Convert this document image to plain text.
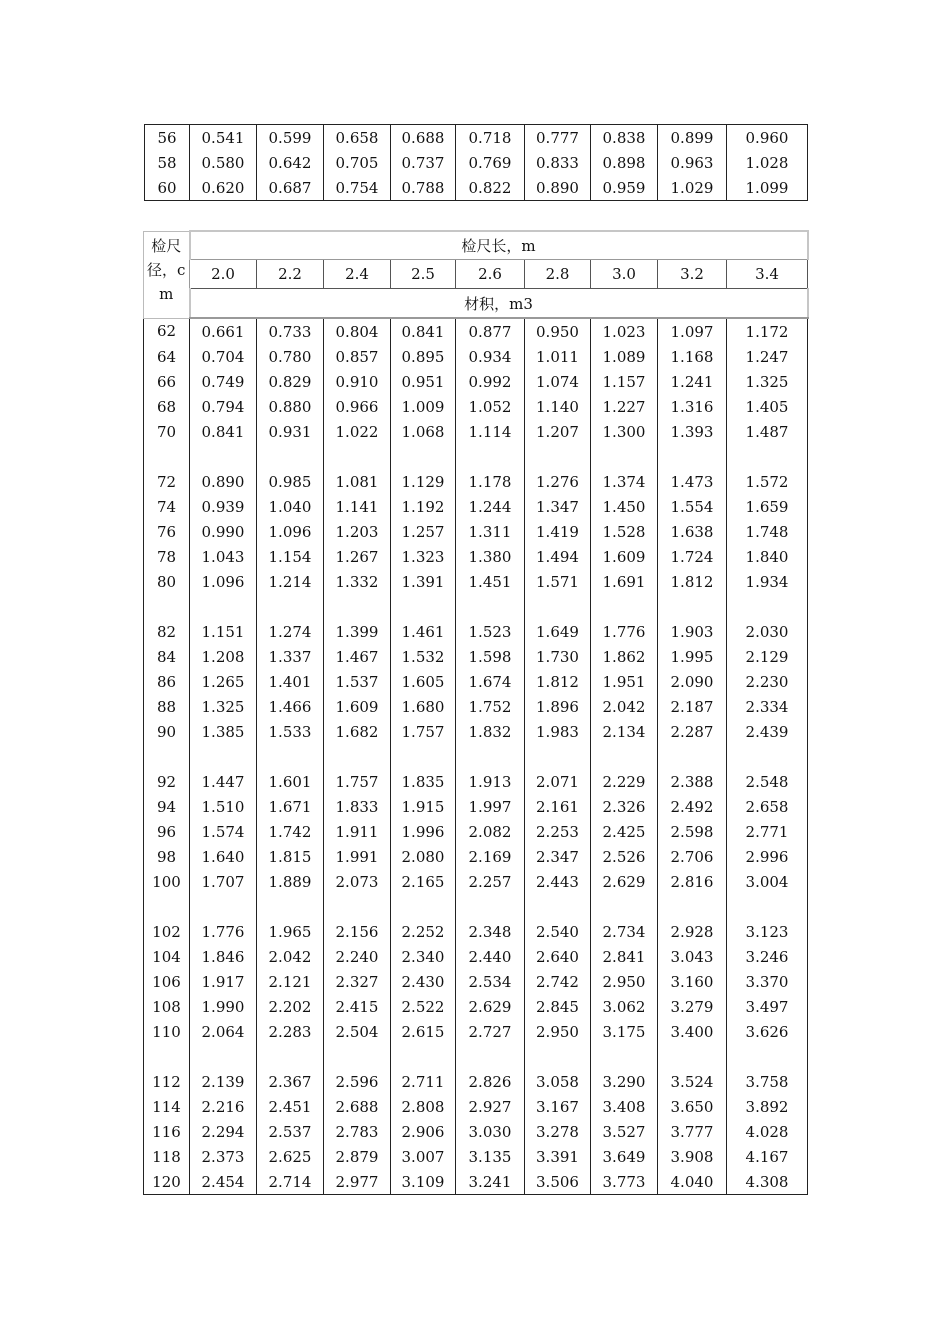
56	0.541	0.599	0.658	0.688	0.718	0.777	0.838	0.899	0.960
58	0.580	0.642	0.705	0.737	0.769	0.833	0.898	0.963	1.028
60	0.620	0.687	0.754	0.788	0.822	0.890	0.959	1.029	1.099
检尺
径，c
m	检尺长，m								
	2.0	2.2	2.4	2.5	2.6	2.8	3.0	3.2	3.4
	材积，m3								
62	0.661	0.733	0.804	0.841	0.877	0.950	1.023	1.097	1.172
64	0.704	0.780	0.857	0.895	0.934	1.011	1.089	1.168	1.247
66	0.749	0.829	0.910	0.951	0.992	1.074	1.157	1.241	1.325
68	0.794	0.880	0.966	1.009	1.052	1.140	1.227	1.316	1.405
70	0.841	0.931	1.022	1.068	1.114	1.207	1.300	1.393	1.487

72	0.890	0.985	1.081	1.129	1.178	1.276	1.374	1.473	1.572
74	0.939	1.040	1.141	1.192	1.244	1.347	1.450	1.554	1.659
76	0.990	1.096	1.203	1.257	1.311	1.419	1.528	1.638	1.748
78	1.043	1.154	1.267	1.323	1.380	1.494	1.609	1.724	1.840
80	1.096	1.214	1.332	1.391	1.451	1.571	1.691	1.812	1.934

82	1.151	1.274	1.399	1.461	1.523	1.649	1.776	1.903	2.030
84	1.208	1.337	1.467	1.532	1.598	1.730	1.862	1.995	2.129
86	1.265	1.401	1.537	1.605	1.674	1.812	1.951	2.090	2.230
88	1.325	1.466	1.609	1.680	1.752	1.896	2.042	2.187	2.334
90	1.385	1.533	1.682	1.757	1.832	1.983	2.134	2.287	2.439

92	1.447	1.601	1.757	1.835	1.913	2.071	2.229	2.388	2.548
94	1.510	1.671	1.833	1.915	1.997	2.161	2.326	2.492	2.658
96	1.574	1.742	1.911	1.996	2.082	2.253	2.425	2.598	2.771
98	1.640	1.815	1.991	2.080	2.169	2.347	2.526	2.706	2.996
100	1.707	1.889	2.073	2.165	2.257	2.443	2.629	2.816	3.004

102	1.776	1.965	2.156	2.252	2.348	2.540	2.734	2.928	3.123
104	1.846	2.042	2.240	2.340	2.440	2.640	2.841	3.043	3.246
106	1.917	2.121	2.327	2.430	2.534	2.742	2.950	3.160	3.370
108	1.990	2.202	2.415	2.522	2.629	2.845	3.062	3.279	3.497
110	2.064	2.283	2.504	2.615	2.727	2.950	3.175	3.400	3.626

112	2.139	2.367	2.596	2.711	2.826	3.058	3.290	3.524	3.758
114	2.216	2.451	2.688	2.808	2.927	3.167	3.408	3.650	3.892
116	2.294	2.537	2.783	2.906	3.030	3.278	3.527	3.777	4.028
118	2.373	2.625	2.879	3.007	3.135	3.391	3.649	3.908	4.167
120	2.454	2.714	2.977	3.109	3.241	3.506	3.773	4.040	4.308
